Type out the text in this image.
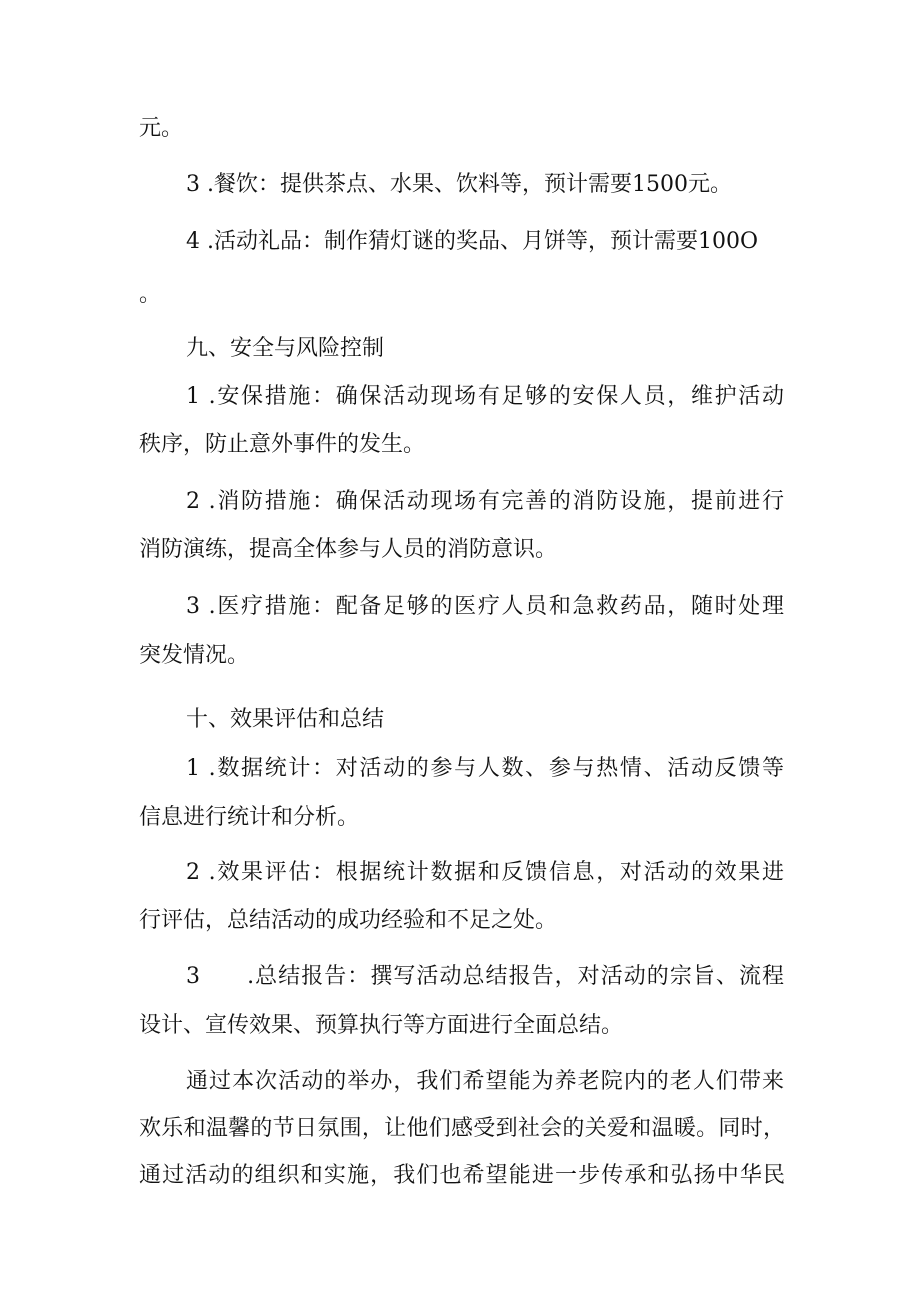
元。
3 .餐饮：提供茶点、水果、饮料等，预计需要1500元。
4 .活动礼品：制作猜灯谜的奖品、月饼等，预计需要100O
。
九、安全与风险控制
1 .安保措施：确保活动现场有足够的安保人员，维护活动
秩序，防止意外事件的发生。
2 .消防措施：确保活动现场有完善的消防设施，提前进行
消防演练，提高全体参与人员的消防意识。
3 .医疗措施：配备足够的医疗人员和急救药品，随时处理
突发情况。
十、效果评估和总结
1 .数据统计：对活动的参与人数、参与热情、活动反馈等
信息进行统计和分析。
2 .效果评估：根据统计数据和反馈信息，对活动的效果进
行评估，总结活动的成功经验和不足之处。
3　　.总结报告：撰写活动总结报告，对活动的宗旨、流程
设计、宣传效果、预算执行等方面进行全面总结。
通过本次活动的举办，我们希望能为养老院内的老人们带来
欢乐和温馨的节日氛围，让他们感受到社会的关爱和温暖。同时，
通过活动的组织和实施，我们也希望能进一步传承和弘扬中华民
